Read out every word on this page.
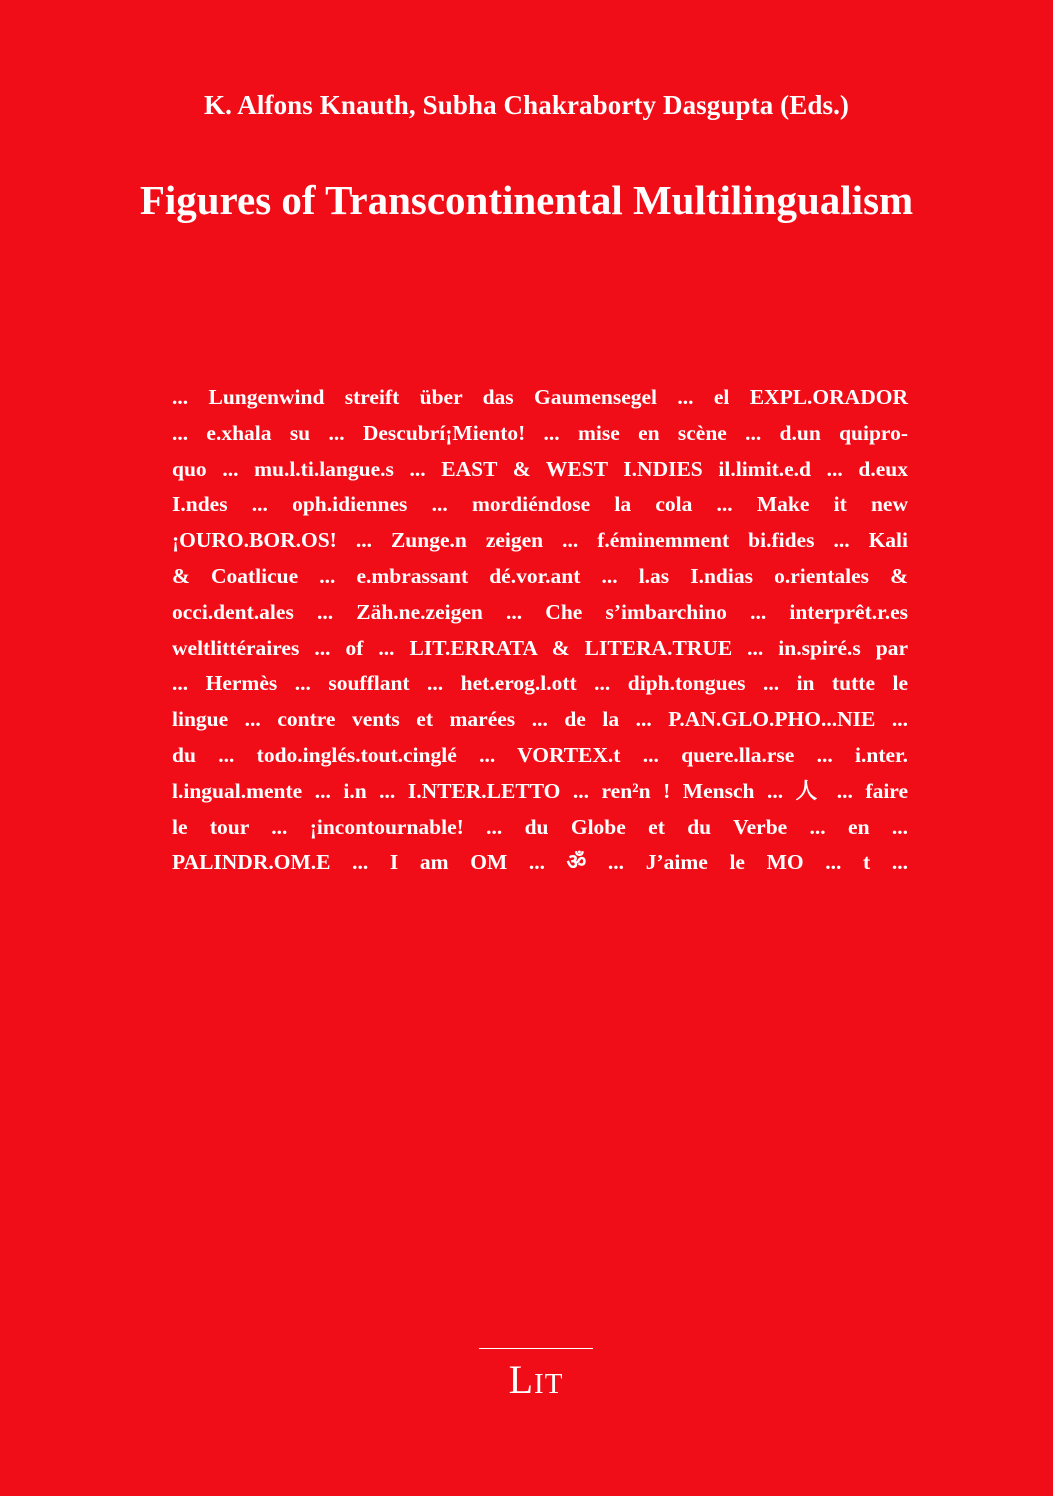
K. Alfons Knauth, Subha Chakraborty Dasgupta (Eds.)
Figures of Transcontinental Multilingualism
... Lungenwind streift über das Gaumensegel ... el EXPL.ORADOR
... e.xhala su ... Descubrí¡Miento! ... mise en scène ... d.un quipro-
quo ... mu.l.ti.langue.s ... EAST & WEST I.NDIES il.limit.e.d ... d.eux
I.ndes ... oph.idiennes ... mordiéndose la cola ... Make it new
¡OURO.BOR.OS! ... Zunge.n zeigen ... f.éminemment bi.fides ... Kali
& Coatlicue ... e.mbrassant dé.vor.ant ... l.as I.ndias o.rientales &
occi.dent.ales ... Zäh.ne.zeigen ... Che s’imbarchino ... interprêt.r.es
weltlittéraires ... of ... LIT.ERRATA & LITERA.TRUE ... in.spiré.s par
... Hermès ... soufflant ... het.erog.l.ott ... diph.tongues ... in tutte le
lingue ... contre vents et marées ... de la ... P.AN.GLO.PHO...NIE ...
du ... todo.inglés.tout.cinglé ... VORTEX.t ... quere.lla.rse ... i.nter.
l.ingual.mente ... i.n ... I.NTER.LETTO ... ren²n ! Mensch ... 人 ... faire
le tour ... ¡incontournable! ... du Globe et du Verbe ... en ...
PALINDR.OM.E ... I am OM ... ॐ ... J’aime le MO ... t ...
LIT
